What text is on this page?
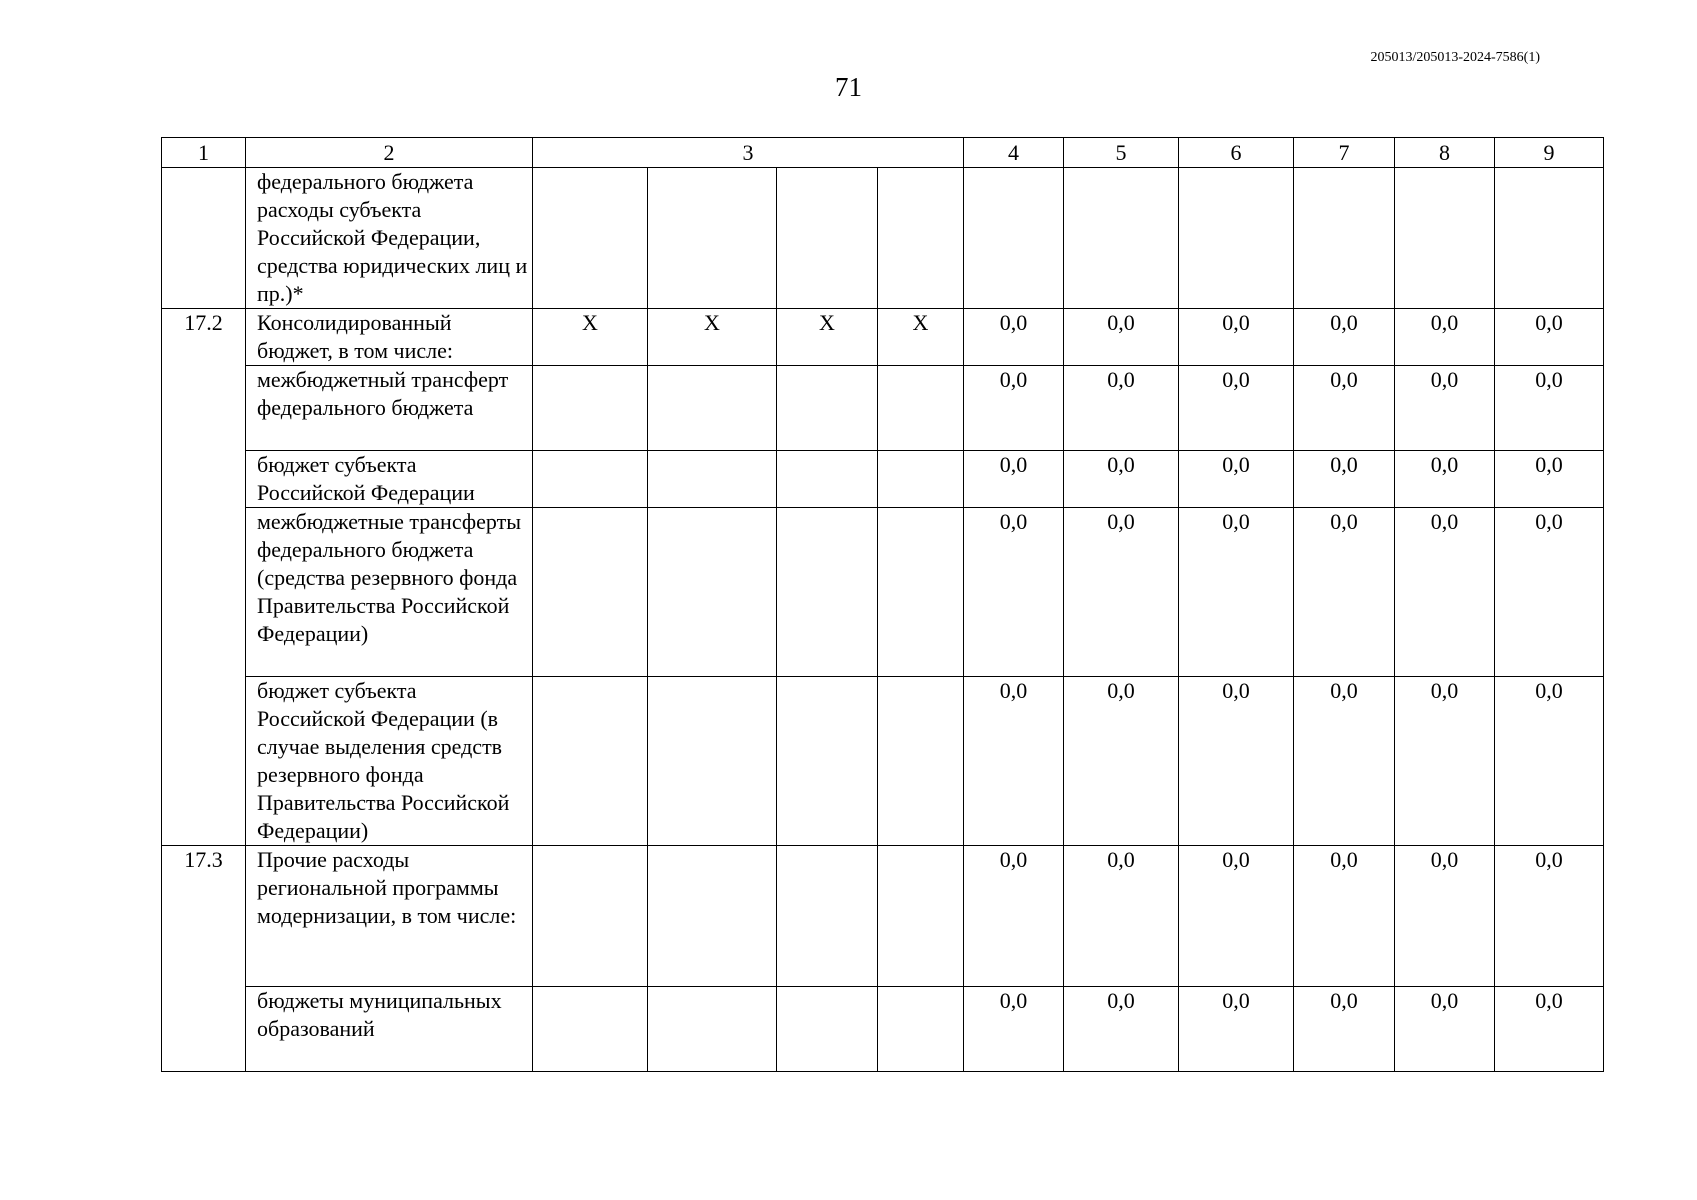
205013/205013-2024-7586(1)
71
1	2	3				4	5	6	7	8	9
	федерального бюджета расходы субъекта Российской Федерации, средства юридических лиц и пр.)*										
17.2	Консолидированный бюджет, в том числе:	X	X	X	X	0,0	0,0	0,0	0,0	0,0	0,0
	межбюджетный трансферт федерального бюджета					0,0	0,0	0,0	0,0	0,0	0,0
	бюджет субъекта Российской Федерации					0,0	0,0	0,0	0,0	0,0	0,0
	межбюджетные трансферты федерального бюджета (средства резервного фонда Правительства Российской Федерации)					0,0	0,0	0,0	0,0	0,0	0,0
	бюджет субъекта Российской Федерации (в случае выделения средств резервного фонда Правительства Российской Федерации)					0,0	0,0	0,0	0,0	0,0	0,0
17.3	Прочие расходы региональной программы модернизации, в том числе:					0,0	0,0	0,0	0,0	0,0	0,0
	бюджеты муниципальных образований					0,0	0,0	0,0	0,0	0,0	0,0
